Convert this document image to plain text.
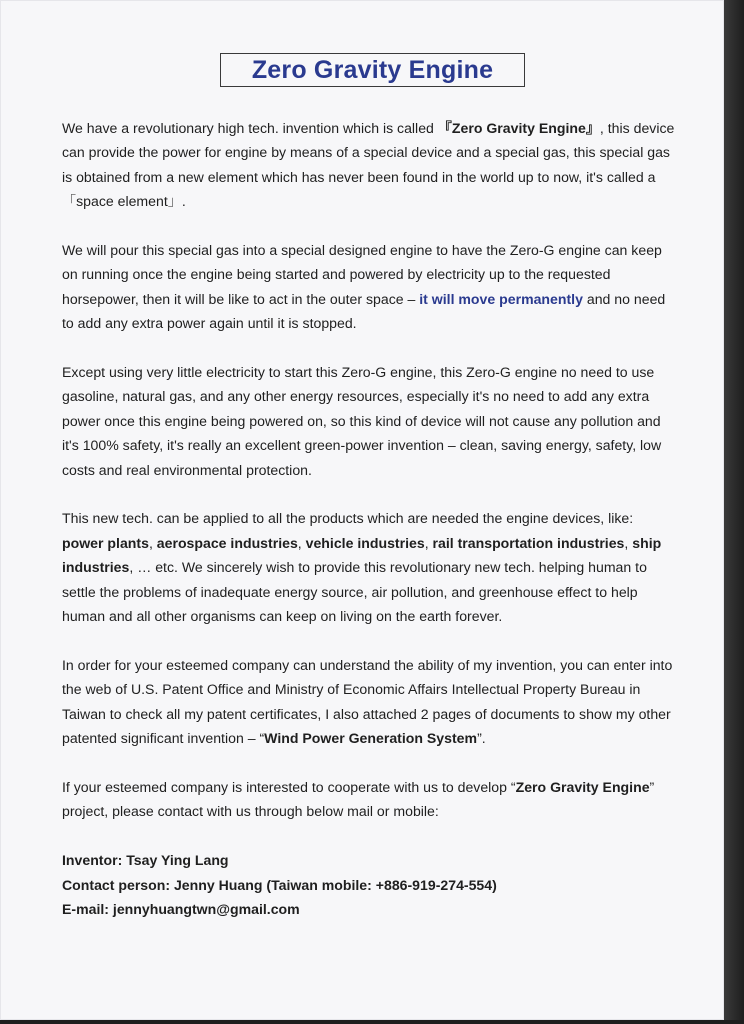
Zero Gravity Engine

We have a revolutionary high tech. invention which is called 『Zero Gravity Engine』, this device can provide the power for engine by means of a special device and a special gas, this special gas is obtained from a new element which has never been found in the world up to now, it's called a「space element」.

We will pour this special gas into a special designed engine to have the Zero-G engine can keep on running once the engine being started and powered by electricity up to the requested horsepower, then it will be like to act in the outer space – it will move permanently and no need to add any extra power again until it is stopped.

Except using very little electricity to start this Zero-G engine, this Zero-G engine no need to use gasoline, natural gas, and any other energy resources, especially it's no need to add any extra power once this engine being powered on, so this kind of device will not cause any pollution and it's 100% safety, it's really an excellent green-power invention – clean, saving energy, safety, low costs and real environmental protection.

This new tech. can be applied to all the products which are needed the engine devices, like: power plants, aerospace industries, vehicle industries, rail transportation industries, ship industries, … etc. We sincerely wish to provide this revolutionary new tech. helping human to settle the problems of inadequate energy source, air pollution, and greenhouse effect to help human and all other organisms can keep on living on the earth forever.

In order for your esteemed company can understand the ability of my invention, you can enter into the web of U.S. Patent Office and Ministry of Economic Affairs Intellectual Property Bureau in Taiwan to check all my patent certificates, I also attached 2 pages of documents to show my other patented significant invention – “Wind Power Generation System”.

If your esteemed company is interested to cooperate with us to develop “Zero Gravity Engine” project, please contact with us through below mail or mobile:

Inventor: Tsay Ying Lang

Contact person: Jenny Huang (Taiwan mobile: +886-919-274-554)

E-mail: jennyhuangtwn@gmail.com
